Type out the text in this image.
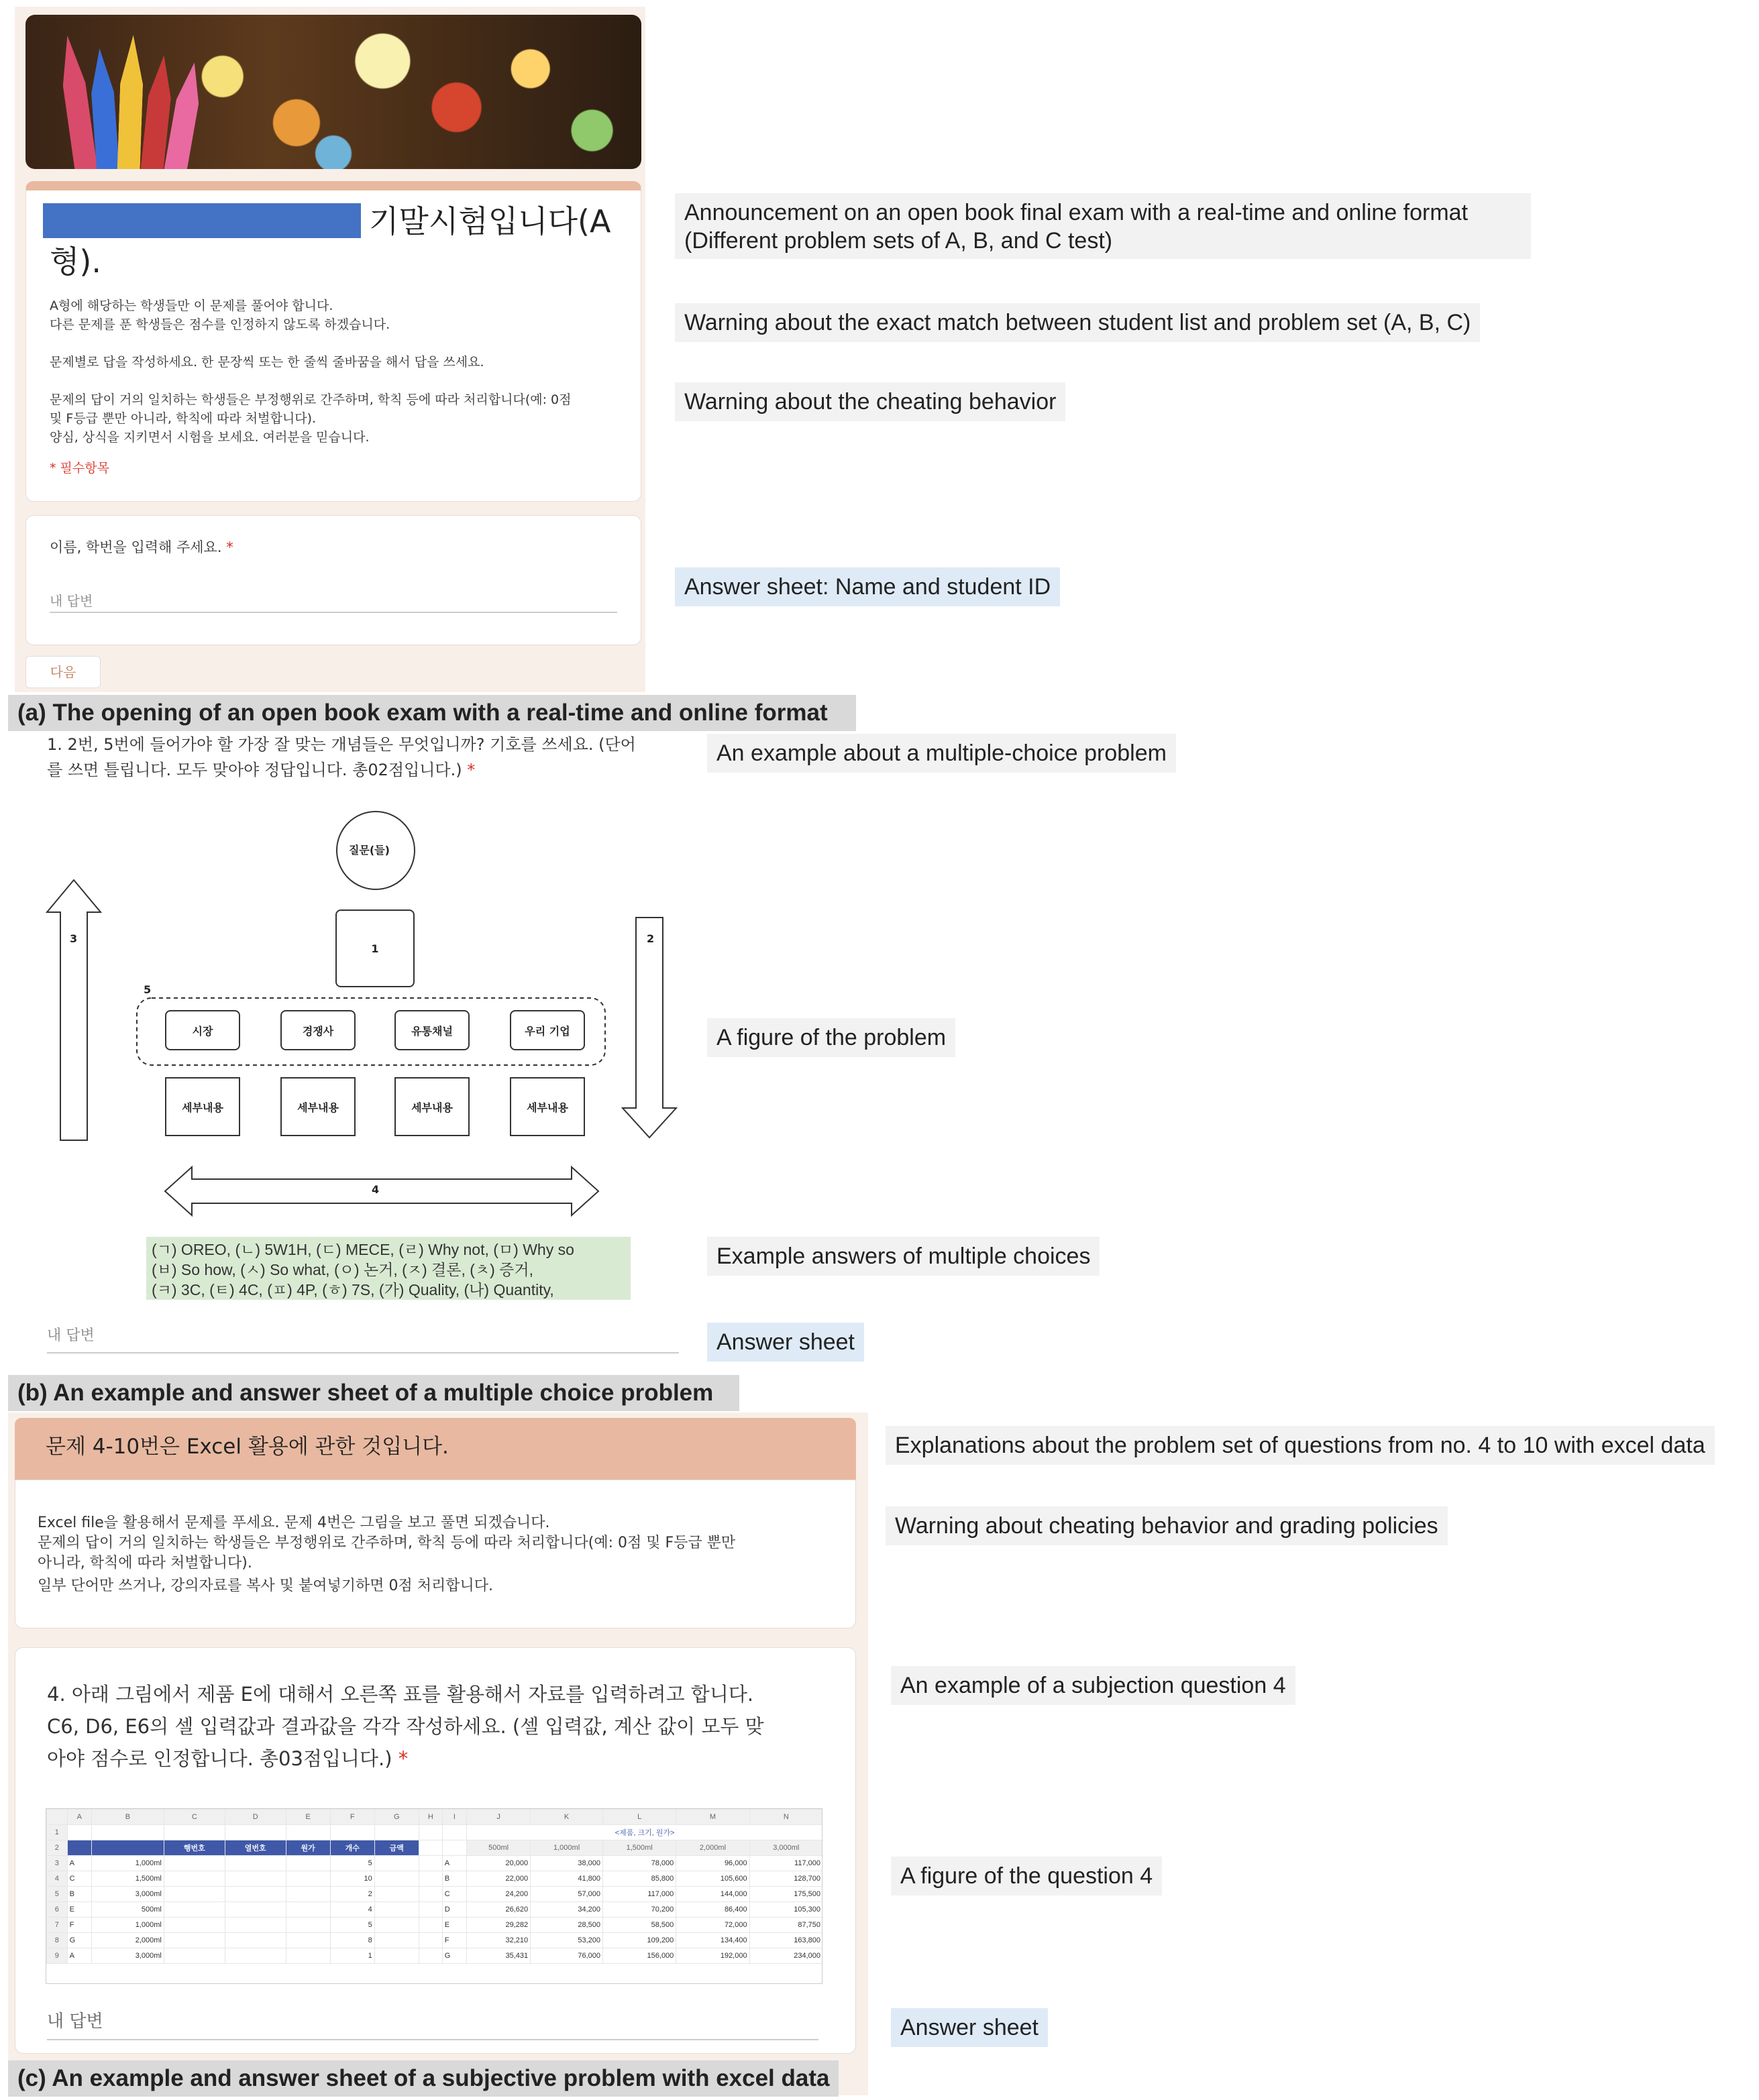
기말시험입니다(A
형).
A형에 해당하는 학생들만 이 문제를 풀어야 합니다.
다른 문제를 푼 학생들은 점수를 인정하지 않도록 하겠습니다.
문제별로 답을 작성하세요. 한 문장씩 또는 한 줄씩 줄바꿈을 해서 답을 쓰세요.
문제의 답이 거의 일치하는 학생들은 부정행위로 간주하며, 학칙 등에 따라 처리합니다(예: 0점
및 F등급 뿐만 아니라, 학칙에 따라 처벌합니다).
양심, 상식을 지키면서 시험을 보세요. 여러분을 믿습니다.
* 필수항목
이름, 학번을 입력해 주세요. *
내 답변
다음
Announcement on an open book final exam with a real-time and online format
(Different problem sets of A, B, and C test)
Warning about the exact match between student list and problem set (A, B, C)
Warning about the cheating behavior
Answer sheet: Name and student ID
(a) The opening of an open book exam with a real-time and online format
1. 2번, 5번에 들어가야 할 가장 잘 맞는 개념들은 무엇입니까? 기호를 쓰세요. (단어
를 쓰면 틀립니다. 모두 맞아야 정답입니다. 총02점입니다.) *
질문(들)
1
3	2
5
4
시장	경쟁사	유통채널	우리 기업
세부내용	세부내용	세부내용	세부내용
(ㄱ) OREO, (ㄴ) 5W1H, (ㄷ) MECE, (ㄹ) Why not, (ㅁ) Why so
(ㅂ) So how, (ㅅ) So what, (ㅇ) 논거, (ㅈ) 결론, (ㅊ) 증거,
(ㅋ) 3C, (ㅌ) 4C, (ㅍ) 4P, (ㅎ) 7S, (가) Quality, (나) Quantity,
내 답변
An example about a multiple-choice problem
A figure of the problem
Example answers of multiple choices
Answer sheet
(b) An example and answer sheet of a multiple choice problem
문제 4-10번은 Excel 활용에 관한 것입니다.
Excel file을 활용해서 문제를 푸세요. 문제 4번은 그림을 보고 풀면 되겠습니다.
문제의 답이 거의 일치하는 학생들은 부정행위로 간주하며, 학칙 등에 따라 처리합니다(예: 0점 및 F등급 뿐만
아니라, 학칙에 따라 처벌합니다).
일부 단어만 쓰거나, 강의자료를 복사 및 붙여넣기하면 0점 처리합니다.
4. 아래 그림에서 제품 E에 대해서 오른쪽 표를 활용해서 자료를 입력하려고 합니다.
C6, D6, E6의 셀 입력값과 결과값을 각각 작성하세요. (셀 입력값, 계산 값이 모두 맞
아야 점수로 인정합니다. 총03점입니다.) *
	A	B	C	D	E	F	G	H	I	J	K	L	M	N
1										<제품, 크기, 원가>				
2			행번호	열번호	원가	개수	금액			500ml	1,000ml	1,500ml	2,000ml	3,000ml
3	A	1,000ml				5			A	20,000	38,000	78,000	96,000	117,000
4	C	1,500ml				10			B	22,000	41,800	85,800	105,600	128,700
5	B	3,000ml				2			C	24,200	57,000	117,000	144,000	175,500
6	E	500ml				4			D	26,620	34,200	70,200	86,400	105,300
7	F	1,000ml				5			E	29,282	28,500	58,500	72,000	87,750
8	G	2,000ml				8			F	32,210	53,200	109,200	134,400	163,800
9	A	3,000ml				1			G	35,431	76,000	156,000	192,000	234,000
내 답변
Explanations about the problem set of questions from no. 4 to 10 with excel data
Warning about cheating behavior and grading policies
An example of a subjection question 4
A figure of the question 4
Answer sheet
(c) An example and answer sheet of a subjective problem with excel data
